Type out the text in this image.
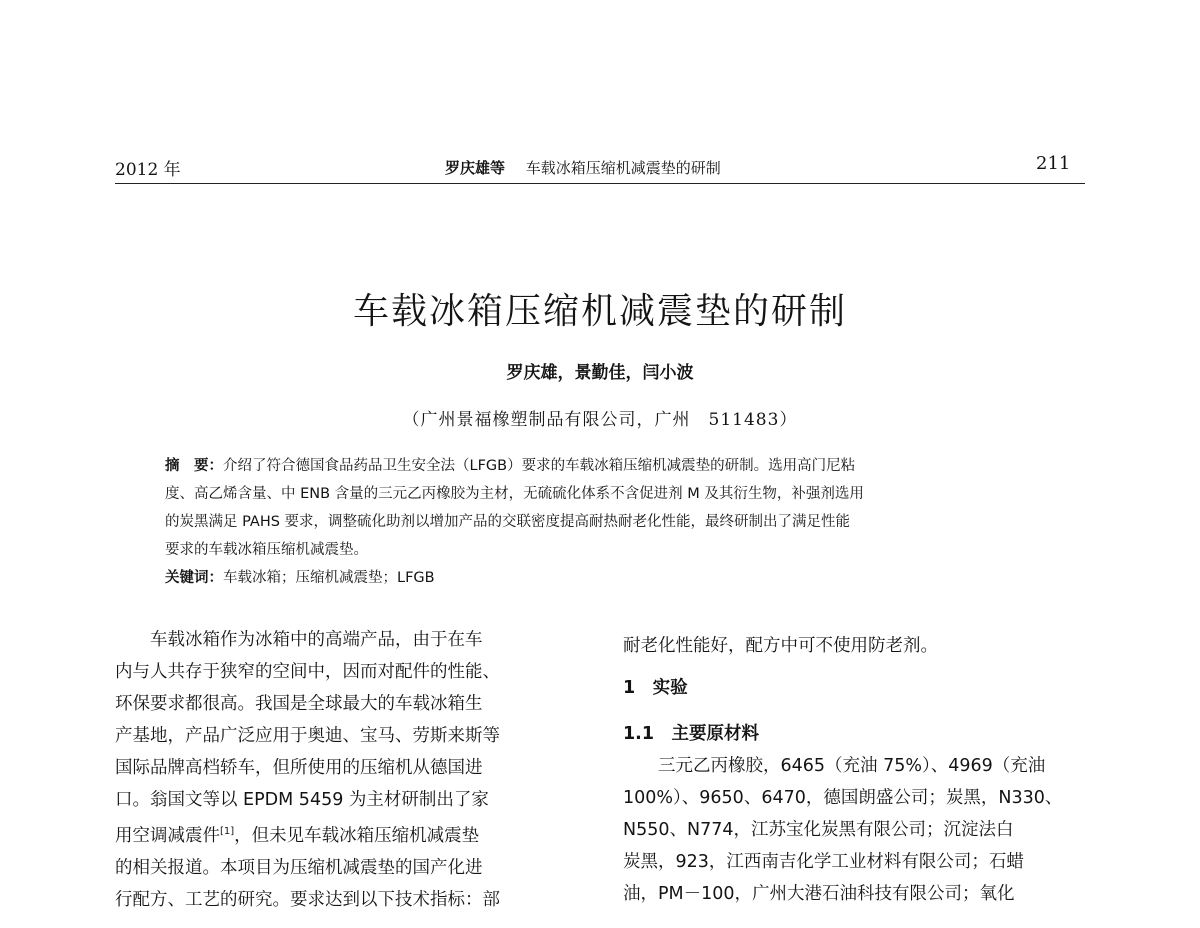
2012 年	罗庆雄等 车载冰箱压缩机减震垫的研制	211
车载冰箱压缩机减震垫的研制
罗庆雄，景勤佳，闫小波
（广州景福橡塑制品有限公司，广州　511483）
摘　要：介绍了符合德国食品药品卫生安全法（LFGB）要求的车载冰箱压缩机减震垫的研制。选用高门尼粘
度、高乙烯含量、中 ENB 含量的三元乙丙橡胶为主材，无硫硫化体系不含促进剂 M 及其衍生物，补强剂选用
的炭黑满足 PAHS 要求，调整硫化助剂以增加产品的交联密度提高耐热耐老化性能，最终研制出了满足性能
要求的车载冰箱压缩机减震垫。
关键词：车载冰箱；压缩机减震垫；LFGB
　　车载冰箱作为冰箱中的高端产品，由于在车
内与人共存于狭窄的空间中，因而对配件的性能、
环保要求都很高。我国是全球最大的车载冰箱生
产基地，产品广泛应用于奥迪、宝马、劳斯来斯等
国际品牌高档轿车，但所使用的压缩机从德国进
口。翁国文等以 EPDM 5459 为主材研制出了家
用空调减震件[1]，但未见车载冰箱压缩机减震垫
的相关报道。本项目为压缩机减震垫的国产化进
行配方、工艺的研究。要求达到以下技术指标：部
耐老化性能好，配方中可不使用防老剂。
1　实验
1.1　主要原材料
　　三元乙丙橡胶，6465（充油 75%）、4969（充油
100%）、9650、6470，德国朗盛公司；炭黑，N330、
N550、N774，江苏宝化炭黑有限公司；沉淀法白
炭黑，923，江西南吉化学工业材料有限公司；石蜡
油，PM－100，广州大港石油科技有限公司；氧化
